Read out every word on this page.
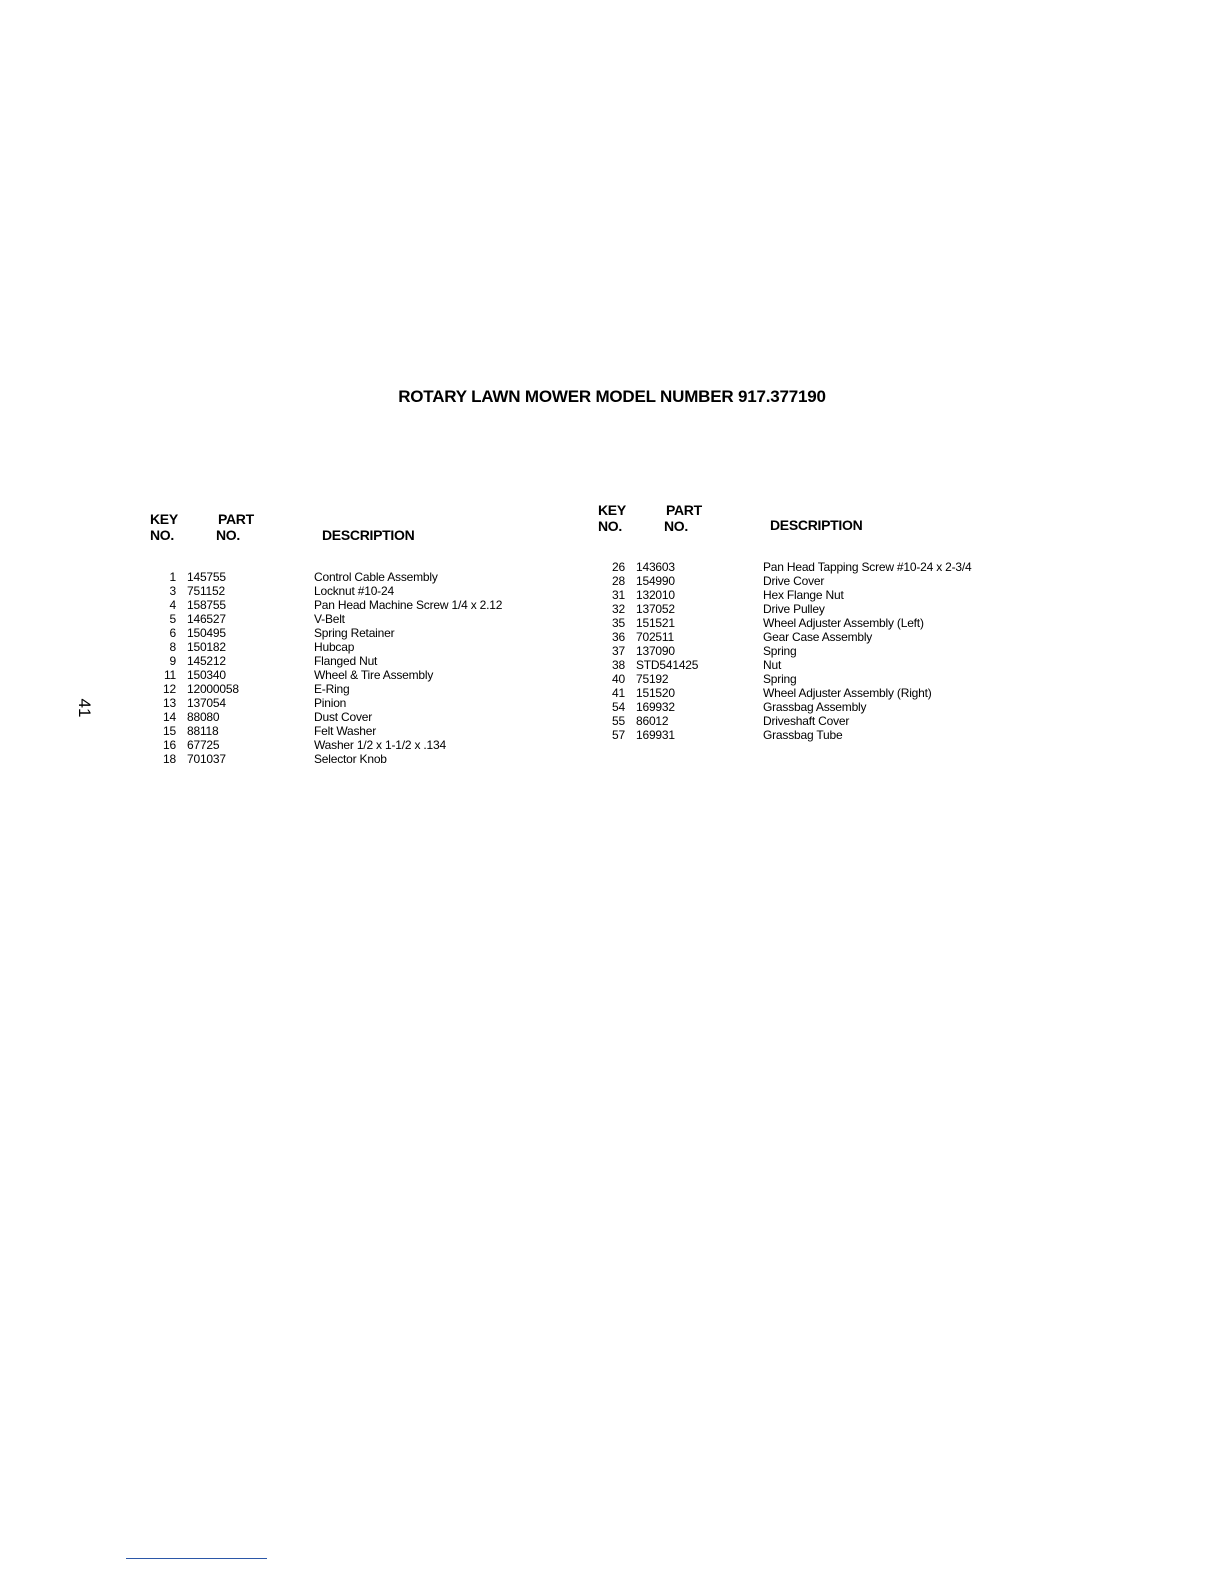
ROTARY LAWN MOWER MODEL NUMBER 917.377190
41
KEY
NO.
PART
NO.	DESCRIPTION
KEY
NO.
PART
NO.	DESCRIPTION
1 145755	Control Cable Assembly
3 751152	Locknut #10-24
4 158755	Pan Head Machine Screw 1/4 x 2.12
5 146527	V-Belt
6 150495	Spring Retainer
8 150182	Hubcap
9 145212	Flanged Nut
11 150340	Wheel & Tire Assembly
12 12000058	E-Ring
13 137054	Pinion
14 88080	Dust Cover
15 88118	Felt Washer
16 67725	Washer 1/2 x 1-1/2 x .134
18 701037	Selector Knob
26 143603	Pan Head Tapping Screw #10-24 x 2-3/4
28 154990	Drive Cover
31 132010	Hex Flange Nut
32 137052	Drive Pulley
35 151521	Wheel Adjuster Assembly (Left)
36 702511	Gear Case Assembly
37 137090	Spring
38 STD541425	Nut
40 75192	Spring
41 151520	Wheel Adjuster Assembly (Right)
54 169932	Grassbag Assembly
55 86012	Driveshaft Cover
57 169931	Grassbag Tube
